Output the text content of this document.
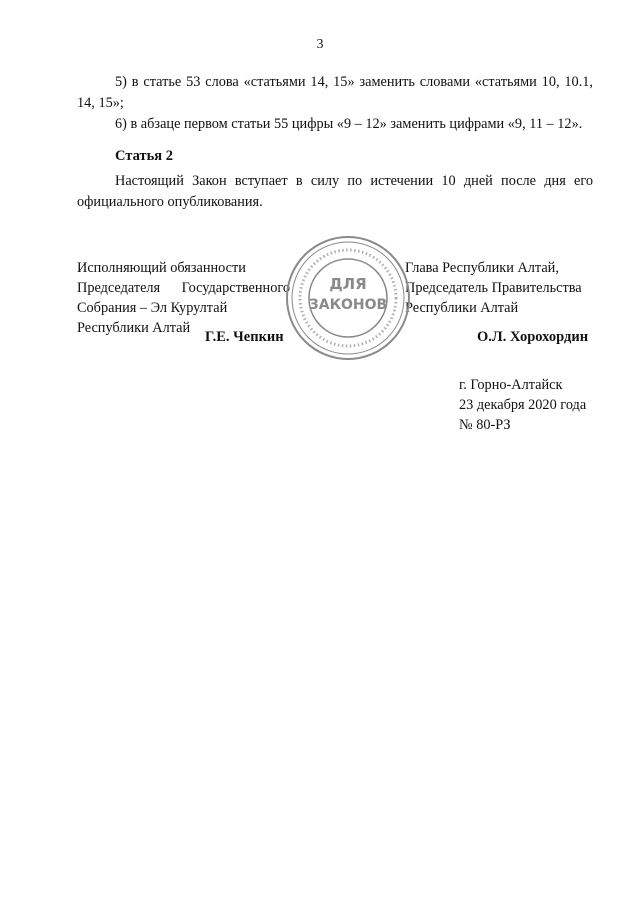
3

5) в статье 53 слова «статьями 14, 15» заменить словами «статьями 10, 10.1, 14, 15»;

6) в абзаце первом статьи 55 цифры «9 – 12» заменить цифрами «9, 11 – 12».

Статья 2

Настоящий Закон вступает в силу по истечении 10 дней после дня его официального опубликования.

Исполняющий обязанности
Председателя Государственного
Собрания – Эл Курултай
Республики Алтай
Г.Е. Чепкин
Глава Республики Алтай,
Председатель Правительства
Республики Алтай
О.Л. Хорохордин
ДЛЯ
ЗАКОНОВ
г. Горно-Алтайск
23 декабря 2020 года
№ 80-РЗ
